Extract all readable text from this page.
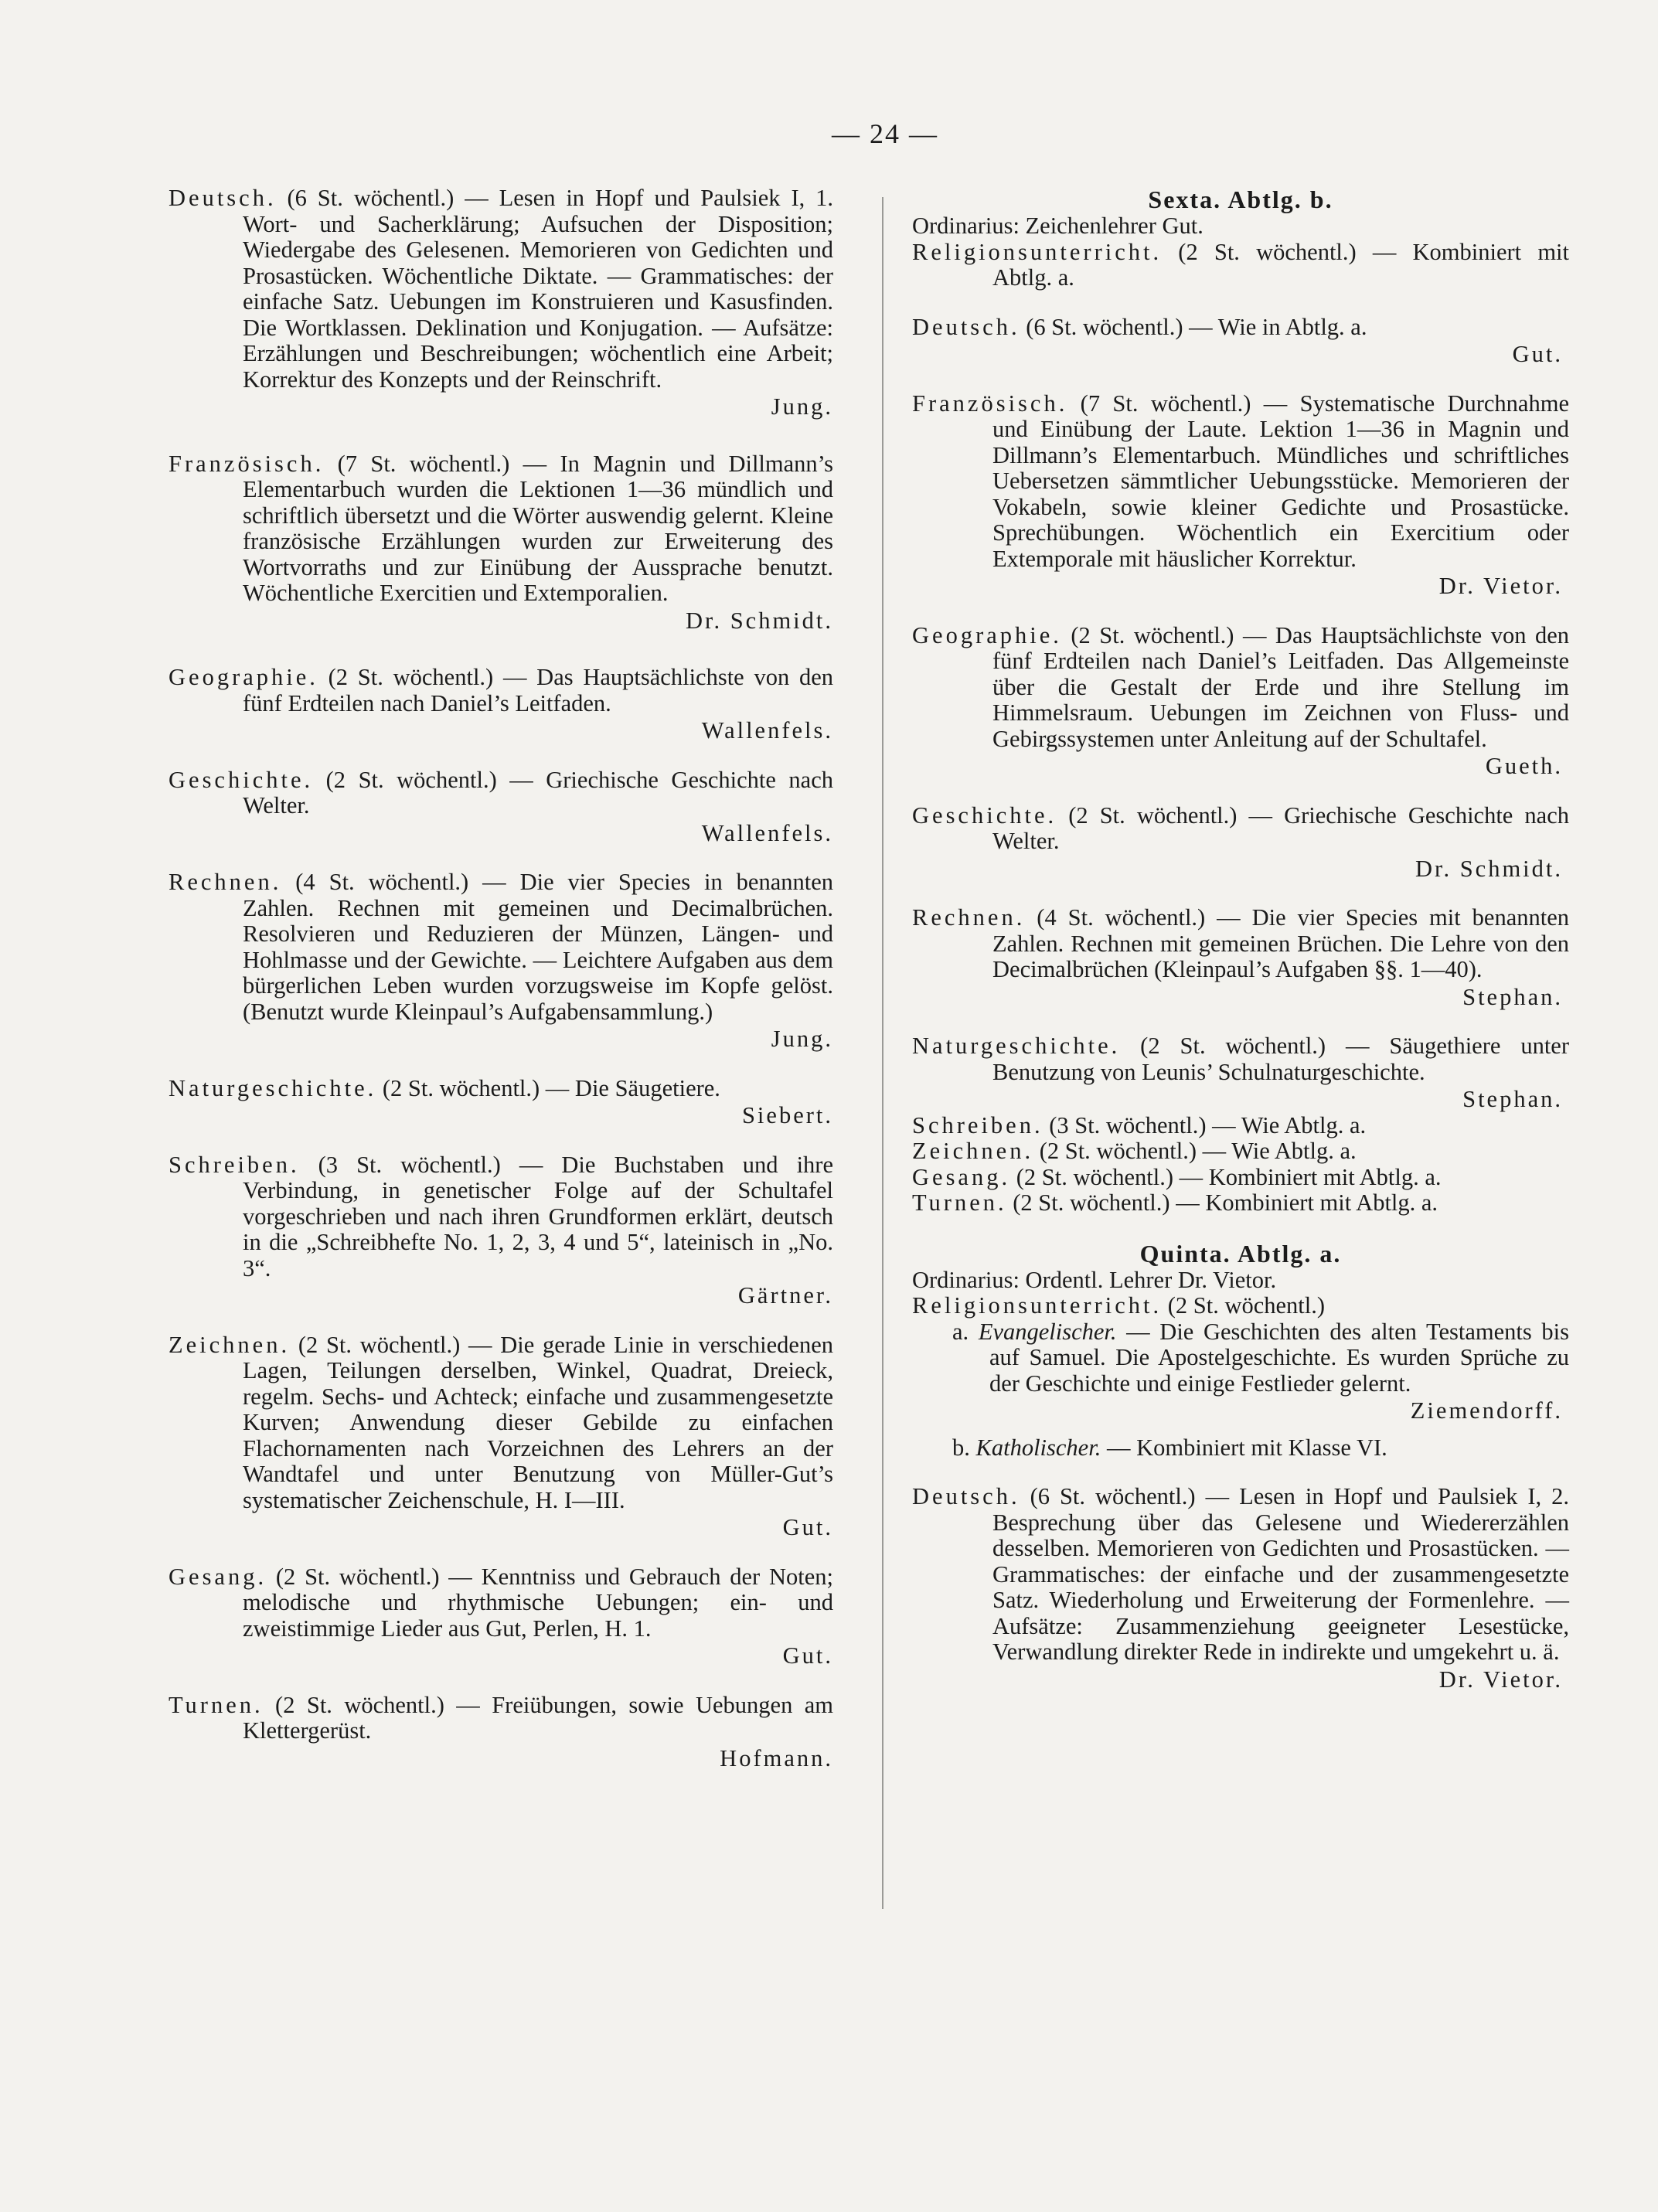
— 24 —
Deutsch. (6 St. wöchentl.) — Lesen in Hopf und Paulsiek I, 1. Wort- und Sacherklärung; Aufsuchen der Disposition; Wiedergabe des Gelesenen. Memorieren von Gedichten und Prosastücken. Wöchentliche Diktate. — Grammatisches: der einfache Satz. Uebungen im Konstruieren und Kasusfinden. Die Wortklassen. Deklination und Konjugation. — Aufsätze: Erzählungen und Beschreibungen; wöchentlich eine Arbeit; Korrektur des Konzepts und der Reinschrift.
Jung.
Französisch. (7 St. wöchentl.) — In Magnin und Dillmann’s Elementarbuch wurden die Lektionen 1—36 mündlich und schriftlich übersetzt und die Wörter auswendig gelernt. Kleine französische Erzählungen wurden zur Erweiterung des Wortvorraths und zur Einübung der Aussprache benutzt. Wöchentliche Exercitien und Extemporalien.
Dr. Schmidt.
Geographie. (2 St. wöchentl.) — Das Hauptsächlichste von den fünf Erdteilen nach Daniel’s Leitfaden.
Wallenfels.
Geschichte. (2 St. wöchentl.) — Griechische Geschichte nach Welter.
Wallenfels.
Rechnen. (4 St. wöchentl.) — Die vier Species in benannten Zahlen. Rechnen mit gemeinen und Decimalbrüchen. Resolvieren und Reduzieren der Münzen, Längen- und Hohlmasse und der Gewichte. — Leichtere Aufgaben aus dem bürgerlichen Leben wurden vorzugsweise im Kopfe gelöst. (Benutzt wurde Kleinpaul’s Aufgabensammlung.)
Jung.
Naturgeschichte. (2 St. wöchentl.) — Die Säugetiere.
Siebert.
Schreiben. (3 St. wöchentl.) — Die Buchstaben und ihre Verbindung, in genetischer Folge auf der Schultafel vorgeschrieben und nach ihren Grundformen erklärt, deutsch in die „Schreibhefte No. 1, 2, 3, 4 und 5“, lateinisch in „No. 3“.
Gärtner.
Zeichnen. (2 St. wöchentl.) — Die gerade Linie in verschiedenen Lagen, Teilungen derselben, Winkel, Quadrat, Dreieck, regelm. Sechs- und Achteck; einfache und zusammengesetzte Kurven; Anwendung dieser Gebilde zu einfachen Flachornamenten nach Vorzeichnen des Lehrers an der Wandtafel und unter Benutzung von Müller-Gut’s systematischer Zeichenschule, H. I—III.
Gut.
Gesang. (2 St. wöchentl.) — Kenntniss und Gebrauch der Noten; melodische und rhythmische Uebungen; ein- und zweistimmige Lieder aus Gut, Perlen, H. 1.
Gut.
Turnen. (2 St. wöchentl.) — Freiübungen, sowie Uebungen am Klettergerüst.
Hofmann.
Sexta. Abtlg. b.
Ordinarius: Zeichenlehrer Gut.
Religionsunterricht. (2 St. wöchentl.) — Kombiniert mit Abtlg. a.
Deutsch. (6 St. wöchentl.) — Wie in Abtlg. a.
Gut.
Französisch. (7 St. wöchentl.) — Systematische Durchnahme und Einübung der Laute. Lektion 1—36 in Magnin und Dillmann’s Elementarbuch. Mündliches und schriftliches Uebersetzen sämmtlicher Uebungsstücke. Memorieren der Vokabeln, sowie kleiner Gedichte und Prosastücke. Sprechübungen. Wöchentlich ein Exercitium oder Extemporale mit häuslicher Korrektur.
Dr. Vietor.
Geographie. (2 St. wöchentl.) — Das Hauptsächlichste von den fünf Erdteilen nach Daniel’s Leitfaden. Das Allgemeinste über die Gestalt der Erde und ihre Stellung im Himmelsraum. Uebungen im Zeichnen von Fluss- und Gebirgssystemen unter Anleitung auf der Schultafel.
Gueth.
Geschichte. (2 St. wöchentl.) — Griechische Geschichte nach Welter.
Dr. Schmidt.
Rechnen. (4 St. wöchentl.) — Die vier Species mit benannten Zahlen. Rechnen mit gemeinen Brüchen. Die Lehre von den Decimalbrüchen (Kleinpaul’s Aufgaben §§. 1—40).
Stephan.
Naturgeschichte. (2 St. wöchentl.) — Säugethiere unter Benutzung von Leunis’ Schulnaturgeschichte.
Stephan.
Schreiben. (3 St. wöchentl.) — Wie Abtlg. a.
Zeichnen. (2 St. wöchentl.) — Wie Abtlg. a.
Gesang. (2 St. wöchentl.) — Kombiniert mit Abtlg. a.
Turnen. (2 St. wöchentl.) — Kombiniert mit Abtlg. a.
Quinta. Abtlg. a.
Ordinarius: Ordentl. Lehrer Dr. Vietor.
Religionsunterricht. (2 St. wöchentl.)
a. Evangelischer. — Die Geschichten des alten Testaments bis auf Samuel. Die Apostelgeschichte. Es wurden Sprüche zu der Geschichte und einige Festlieder gelernt.
Ziemendorff.
b. Katholischer. — Kombiniert mit Klasse VI.
Deutsch. (6 St. wöchentl.) — Lesen in Hopf und Paulsiek I, 2. Besprechung über das Gelesene und Wiedererzählen desselben. Memorieren von Gedichten und Prosastücken. — Grammatisches: der einfache und der zusammengesetzte Satz. Wiederholung und Erweiterung der Formenlehre. — Aufsätze: Zusammenziehung geeigneter Lesestücke, Verwandlung direkter Rede in indirekte und umgekehrt u. ä.
Dr. Vietor.
